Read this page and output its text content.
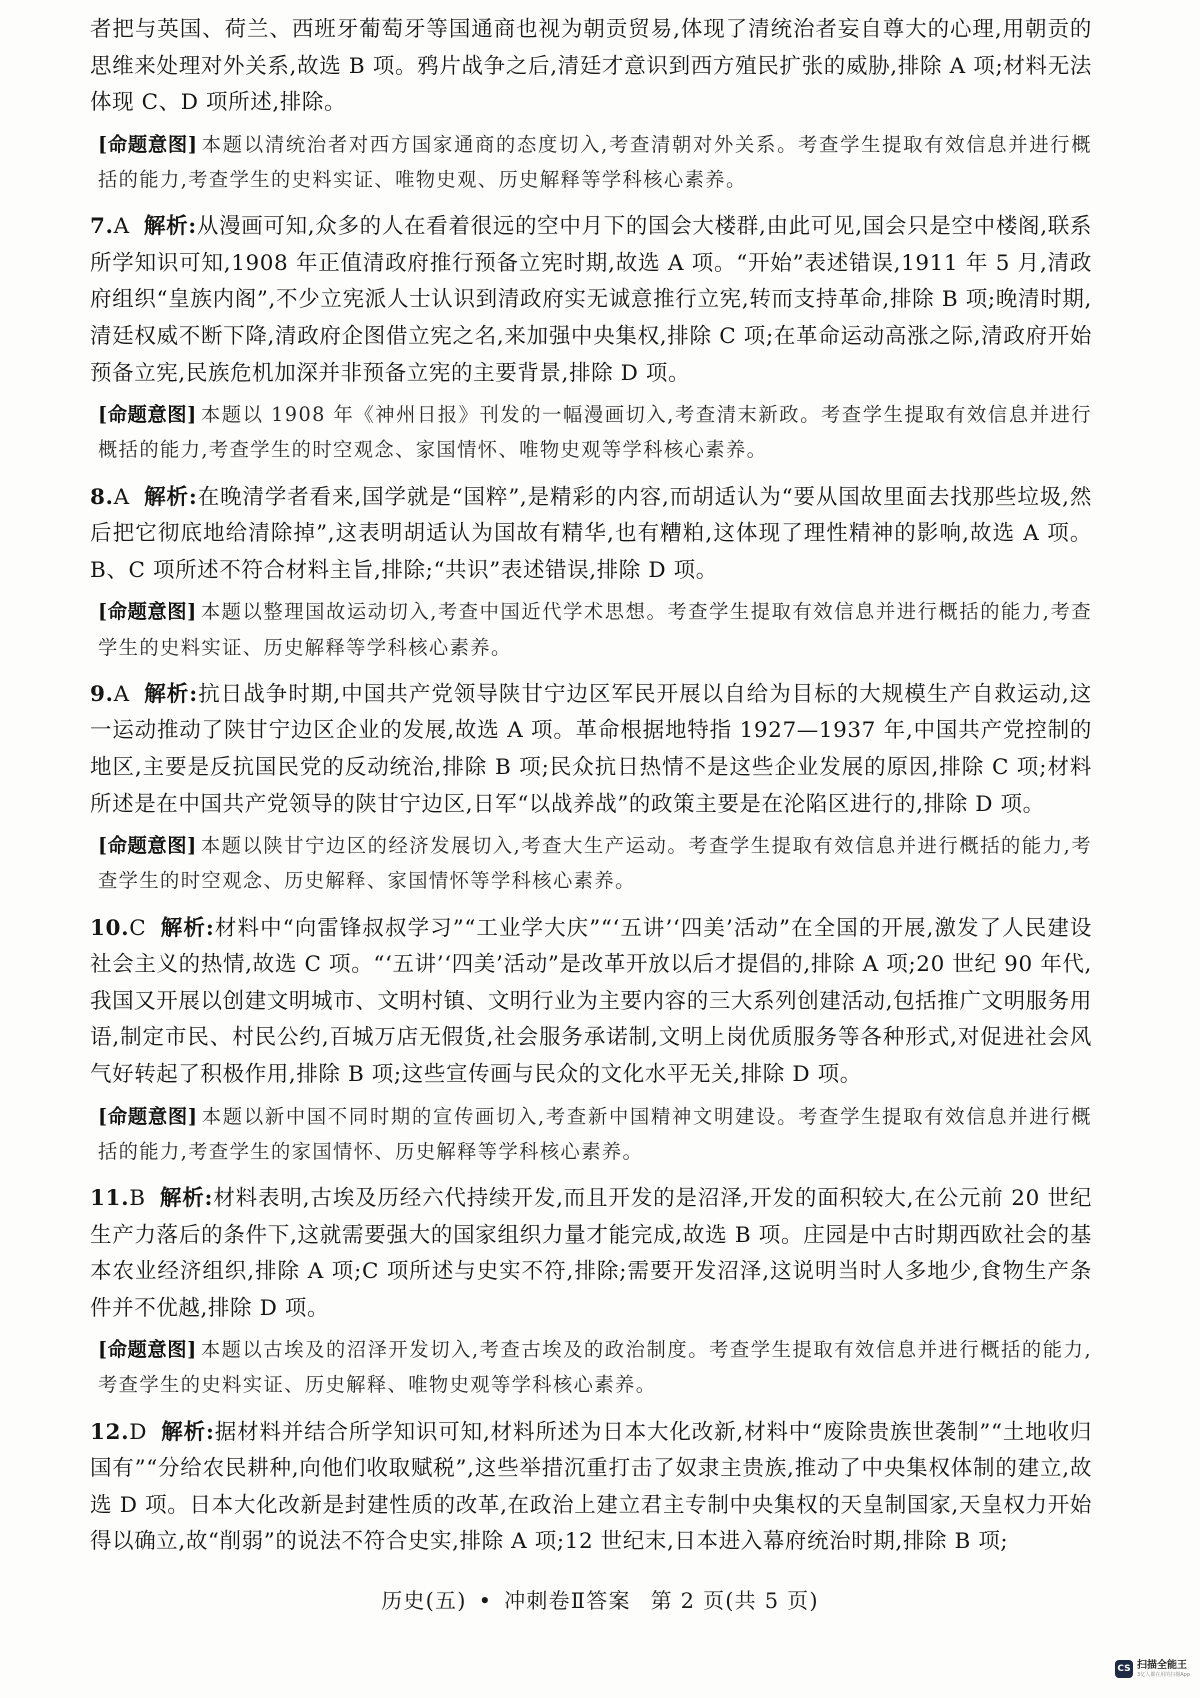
者把与英国、荷兰、西班牙葡萄牙等国通商也视为朝贡贸易,体现了清统治者妄自尊大的心理,用朝贡的思维来处理对外关系,故选 B 项。鸦片战争之后,清廷才意识到西方殖民扩张的威胁,排除 A 项;材料无法体现 C、D 项所述,排除。

[命题意图] 本题以清统治者对西方国家通商的态度切入,考查清朝对外关系。考查学生提取有效信息并进行概括的能力,考查学生的史料实证、唯物史观、历史解释等学科核心素养。

7.A 解析:从漫画可知,众多的人在看着很远的空中月下的国会大楼群,由此可见,国会只是空中楼阁,联系所学知识可知,1908 年正值清政府推行预备立宪时期,故选 A 项。“开始”表述错误,1911 年 5 月,清政府组织“皇族内阁”,不少立宪派人士认识到清政府实无诚意推行立宪,转而支持革命,排除 B 项;晚清时期,清廷权威不断下降,清政府企图借立宪之名,来加强中央集权,排除 C 项;在革命运动高涨之际,清政府开始预备立宪,民族危机加深并非预备立宪的主要背景,排除 D 项。

[命题意图] 本题以 1908 年《神州日报》刊发的一幅漫画切入,考查清末新政。考查学生提取有效信息并进行概括的能力,考查学生的时空观念、家国情怀、唯物史观等学科核心素养。

8.A 解析:在晚清学者看来,国学就是“国粹”,是精彩的内容,而胡适认为“要从国故里面去找那些垃圾,然后把它彻底地给清除掉”,这表明胡适认为国故有精华,也有糟粕,这体现了理性精神的影响,故选 A 项。B、C 项所述不符合材料主旨,排除;“共识”表述错误,排除 D 项。

[命题意图] 本题以整理国故运动切入,考查中国近代学术思想。考查学生提取有效信息并进行概括的能力,考查学生的史料实证、历史解释等学科核心素养。

9.A 解析:抗日战争时期,中国共产党领导陕甘宁边区军民开展以自给为目标的大规模生产自救运动,这一运动推动了陕甘宁边区企业的发展,故选 A 项。革命根据地特指 1927—1937 年,中国共产党控制的地区,主要是反抗国民党的反动统治,排除 B 项;民众抗日热情不是这些企业发展的原因,排除 C 项;材料所述是在中国共产党领导的陕甘宁边区,日军“以战养战”的政策主要是在沦陷区进行的,排除 D 项。

[命题意图] 本题以陕甘宁边区的经济发展切入,考查大生产运动。考查学生提取有效信息并进行概括的能力,考查学生的时空观念、历史解释、家国情怀等学科核心素养。

10.C 解析:材料中“向雷锋叔叔学习”“工业学大庆”“‘五讲’‘四美’活动”在全国的开展,激发了人民建设社会主义的热情,故选 C 项。“‘五讲’‘四美’活动”是改革开放以后才提倡的,排除 A 项;20 世纪 90 年代,我国又开展以创建文明城市、文明村镇、文明行业为主要内容的三大系列创建活动,包括推广文明服务用语,制定市民、村民公约,百城万店无假货,社会服务承诺制,文明上岗优质服务等各种形式,对促进社会风气好转起了积极作用,排除 B 项;这些宣传画与民众的文化水平无关,排除 D 项。

[命题意图] 本题以新中国不同时期的宣传画切入,考查新中国精神文明建设。考查学生提取有效信息并进行概括的能力,考查学生的家国情怀、历史解释等学科核心素养。

11.B 解析:材料表明,古埃及历经六代持续开发,而且开发的是沼泽,开发的面积较大,在公元前 20 世纪生产力落后的条件下,这就需要强大的国家组织力量才能完成,故选 B 项。庄园是中古时期西欧社会的基本农业经济组织,排除 A 项;C 项所述与史实不符,排除;需要开发沼泽,这说明当时人多地少,食物生产条件并不优越,排除 D 项。

[命题意图] 本题以古埃及的沼泽开发切入,考查古埃及的政治制度。考查学生提取有效信息并进行概括的能力,考查学生的史料实证、历史解释、唯物史观等学科核心素养。

12.D 解析:据材料并结合所学知识可知,材料所述为日本大化改新,材料中“废除贵族世袭制”“土地收归国有”“分给农民耕种,向他们收取赋税”,这些举措沉重打击了奴隶主贵族,推动了中央集权体制的建立,故选 D 项。日本大化改新是封建性质的改革,在政治上建立君主专制中央集权的天皇制国家,天皇权力开始得以确立,故“削弱”的说法不符合史实,排除 A 项;12 世纪末,日本进入幕府统治时期,排除 B 项;

历史(五) • 冲刺卷Ⅱ答案 第 2 页(共 5 页)
CS 扫描全能王
3亿人都在用的扫描App
